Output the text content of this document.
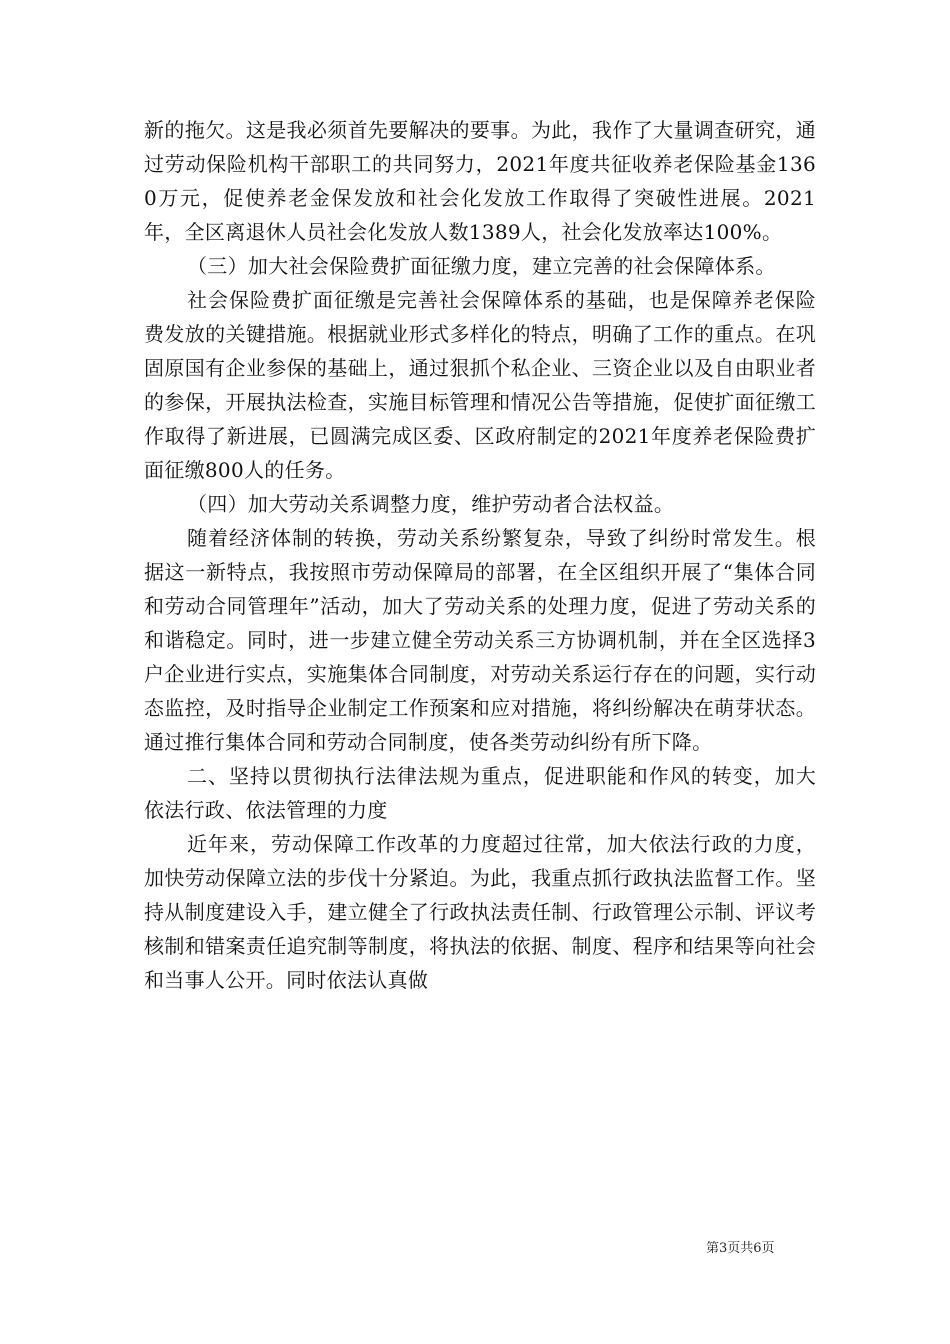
新的拖欠。这是我必须首先要解决的要事。为此，我作了大量调查研究，通过劳动保险机构干部职工的共同努力，2021年度共征收养老保险基金1360万元，促使养老金保发放和社会化发放工作取得了突破性进展。2021年，全区离退休人员社会化发放人数1389人，社会化发放率达100%。

（三）加大社会保险费扩面征缴力度，建立完善的社会保障体系。

社会保险费扩面征缴是完善社会保障体系的基础，也是保障养老保险费发放的关键措施。根据就业形式多样化的特点，明确了工作的重点。在巩固原国有企业参保的基础上，通过狠抓个私企业、三资企业以及自由职业者的参保，开展执法检查，实施目标管理和情况公告等措施，促使扩面征缴工作取得了新进展，已圆满完成区委、区政府制定的2021年度养老保险费扩面征缴800人的任务。

（四）加大劳动关系调整力度，维护劳动者合法权益。

随着经济体制的转换，劳动关系纷繁复杂，导致了纠纷时常发生。根据这一新特点，我按照市劳动保障局的部署，在全区组织开展了“集体合同和劳动合同管理年”活动，加大了劳动关系的处理力度，促进了劳动关系的和谐稳定。同时，进一步建立健全劳动关系三方协调机制，并在全区选择3户企业进行实点，实施集体合同制度，对劳动关系运行存在的问题，实行动态监控，及时指导企业制定工作预案和应对措施，将纠纷解决在萌芽状态。通过推行集体合同和劳动合同制度，使各类劳动纠纷有所下降。

二、坚持以贯彻执行法律法规为重点，促进职能和作风的转变，加大依法行政、依法管理的力度

近年来，劳动保障工作改革的力度超过往常，加大依法行政的力度，加快劳动保障立法的步伐十分紧迫。为此，我重点抓行政执法监督工作。坚持从制度建设入手，建立健全了行政执法责任制、行政管理公示制、评议考核制和错案责任追究制等制度，将执法的依据、制度、程序和结果等向社会和当事人公开。同时依法认真做

第3页共6页
